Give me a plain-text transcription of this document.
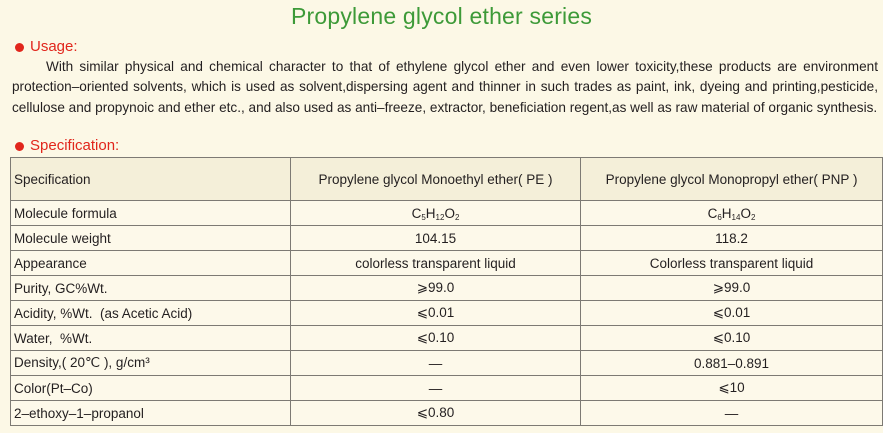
Propylene glycol ether series
Usage:

With similar physical and chemical character to that of ethylene glycol ether and even lower toxicity,these products are environment protection–oriented solvents, which is used as solvent,dispersing agent and thinner in such trades as paint, ink, dyeing and printing,pesticide, cellulose and propynoic and ether etc., and also used as anti–freeze, extractor, beneficiation regent,as well as raw material of organic synthesis.

Specification:
Specification	Propylene glycol Monoethyl ether( PE )	Propylene glycol Monopropyl ether( PNP )
Molecule formula	$C_5H_{12}O_2$	$C_6H_{14}O_2$
Molecule weight	104.15	118.2
Appearance	colorless transparent liquid	Colorless transparent liquid
Purity, GC%Wt.	⩾99.0	⩾99.0
Acidity, %Wt.  (as Acetic Acid)	⩽0.01	⩽0.01
Water,  %Wt.	⩽0.10	⩽0.10
Density,( 20℃ ), g/cm³	—	0.881–0.891
Color(Pt–Co)	—	⩽10
2–ethoxy–1–propanol	⩽0.80	—
